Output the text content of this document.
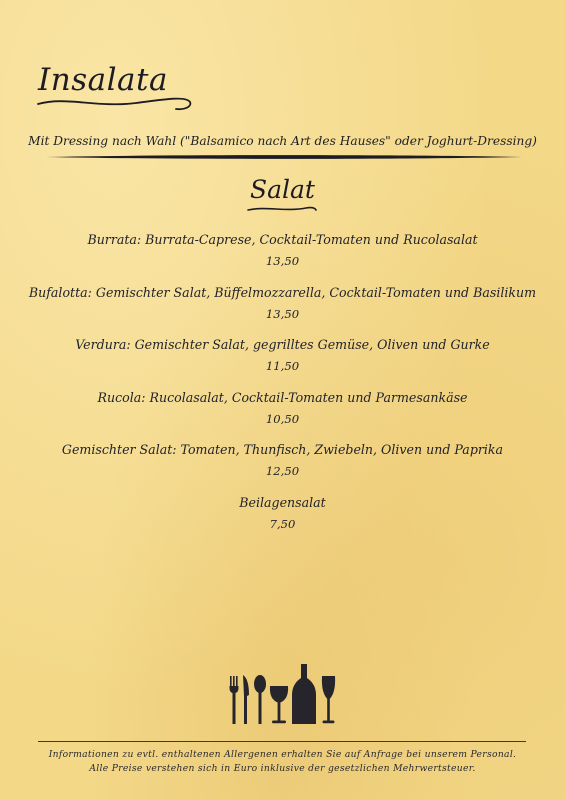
Insalata
Mit Dressing nach Wahl ("Balsamico nach Art des Hauses" oder Joghurt-Dressing)
Salat
Burrata: Burrata-Caprese, Cocktail-Tomaten und Rucolasalat
13,50
Bufalotta: Gemischter Salat, Büffelmozzarella, Cocktail-Tomaten und Basilikum
13,50
Verdura: Gemischter Salat, gegrilltes Gemüse, Oliven und Gurke
11,50
Rucola: Rucolasalat, Cocktail-Tomaten und Parmesankäse
10,50
Gemischter Salat: Tomaten, Thunfisch, Zwiebeln, Oliven und Paprika
12,50
Beilagensalat
7,50
Informationen zu evtl. enthaltenen Allergenen erhalten Sie auf Anfrage bei unserem Personal.
Alle Preise verstehen sich in Euro inklusive der gesetzlichen Mehrwertsteuer.
